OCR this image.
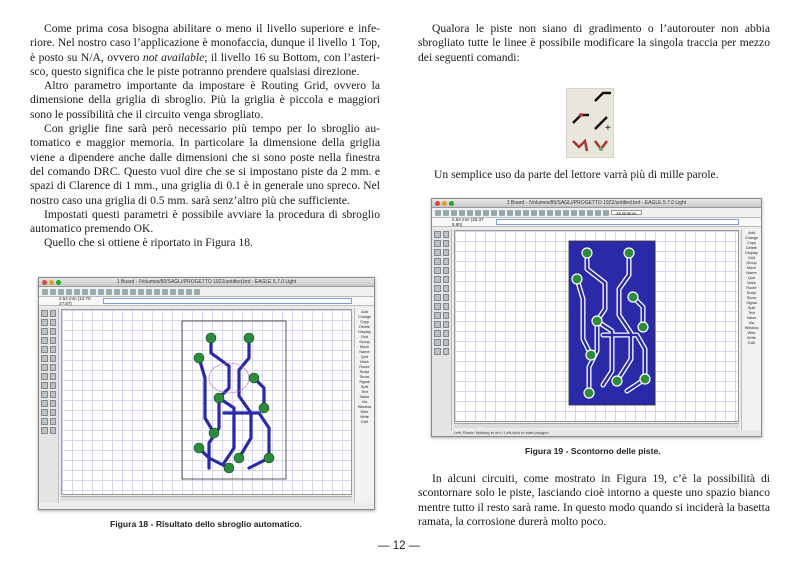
Come prima cosa bisogna abilitare o meno il livello superiore e inferiore. Nel nostro caso l’applicazione è monofaccia, dunque il livello 1 Top, è posto su N/A, ovvero not available; il livello 16 su Bottom, con l’asterisco, questo significa che le piste potranno prendere qualsiasi direzione.

Altro parametro importante da impostare è Routing Grid, ovvero la dimensione della griglia di sbroglio. Più la griglia è piccola e maggiori sono le possibilità che il circuito venga sbrogliato.

Con griglie fine sarà però necessario più tempo per lo sbroglio automatico e maggior memoria. In particolare la dimensione della griglia viene a dipendere anche dalle dimensioni che si sono poste nella finestra del comando DRC. Questo vuol dire che se si impostano piste da 2 mm. e spazi di Clarence di 1 mm., una griglia di 0.1 è in generale uno spreco. Nel nostro caso una griglia di 0.5 mm. sarà senz’altro più che sufficiente.

Impostati questi parametri è possibile avviare la procedura di sbroglio automatico premendo OK.

Quello che si ottiene è riportato in Figura 18.

1 Board - /Volumes/80/SAGLI/PROGETTO 1922/untitled.brd - EAGLE 5.7.0 Light
2.54 mm (12.70 27.87)
Add
Change
Copy
Delete
Display
Grid
Group
Move
Name
Quit
Mark
Route
Script
Show
Signal
Split
Text
Value
Via
Window
Wire
Write
Edit
Figura 18 - Risultato dello sbroglio automatico.

Qualora le piste non siano di gradimento o l’autorouter non abbia sbrogliato tutte le linee è possibile modificare la singola traccia per mezzo dei seguenti comandi:

+

Un semplice uso da parte del lettore varrà più di mille parole.

1 Board - /Volumes/80/SAGLI/PROGETTO 1922/untitled.brd - EAGLE 5.7.0 Light
16 Bottom
2.54 mm (25.37 5.80)
Add
Change
Copy
Delete
Display
Grid
Group
Move
Name
Quit
Mark
Route
Script
Show
Signal
Split
Text
Value
Via
Window
Wire
Write
Edit
Left: Route: Nothing to do! • Left-click to start polygon
Figura 19 - Scontorno delle piste.

In alcuni circuiti, come mostrato in Figura 19, c’è la possibilità di scontornare solo le piste, lasciando cioè intorno a queste uno spazio bianco mentre tutto il resto sarà rame. In questo modo quando si inciderà la basetta ramata, la corrosione durerà molto poco.

— 12 —
